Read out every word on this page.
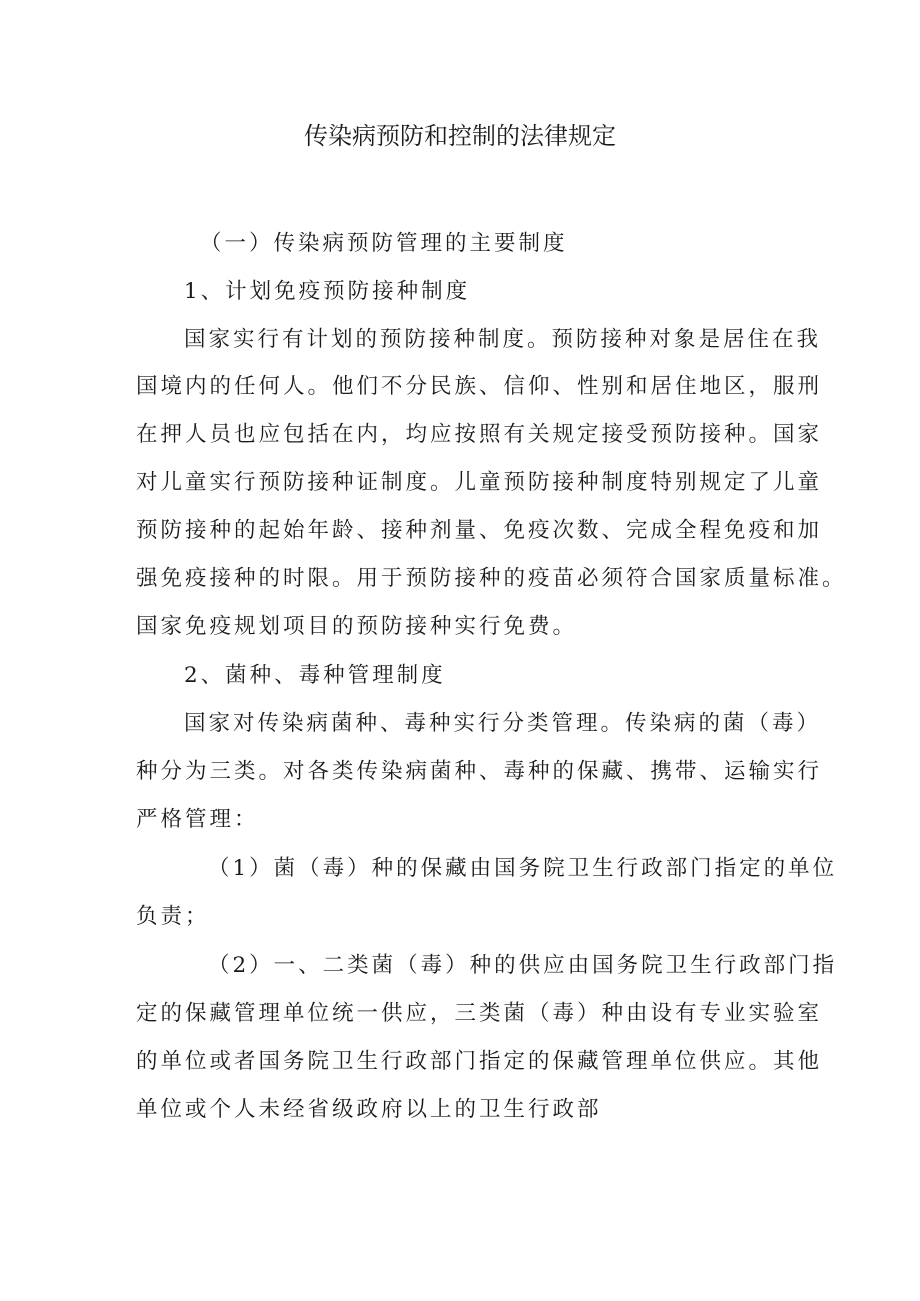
传染病预防和控制的法律规定

（一）传染病预防管理的主要制度

1、计划免疫预防接种制度

国家实行有计划的预防接种制度。预防接种对象是居住在我

国境内的任何人。他们不分民族、信仰、性别和居住地区，服刑

在押人员也应包括在内，均应按照有关规定接受预防接种。国家

对儿童实行预防接种证制度。儿童预防接种制度特别规定了儿童

预防接种的起始年龄、接种剂量、免疫次数、完成全程免疫和加

强免疫接种的时限。用于预防接种的疫苗必须符合国家质量标准。

国家免疫规划项目的预防接种实行免费。

2、菌种、毒种管理制度

国家对传染病菌种、毒种实行分类管理。传染病的菌（毒）

种分为三类。对各类传染病菌种、毒种的保藏、携带、运输实行

严格管理：

（1）菌（毒）种的保藏由国务院卫生行政部门指定的单位

负责；

（2）一、二类菌（毒）种的供应由国务院卫生行政部门指

定的保藏管理单位统一供应，三类菌（毒）种由设有专业实验室

的单位或者国务院卫生行政部门指定的保藏管理单位供应。其他

单位或个人未经省级政府以上的卫生行政部
